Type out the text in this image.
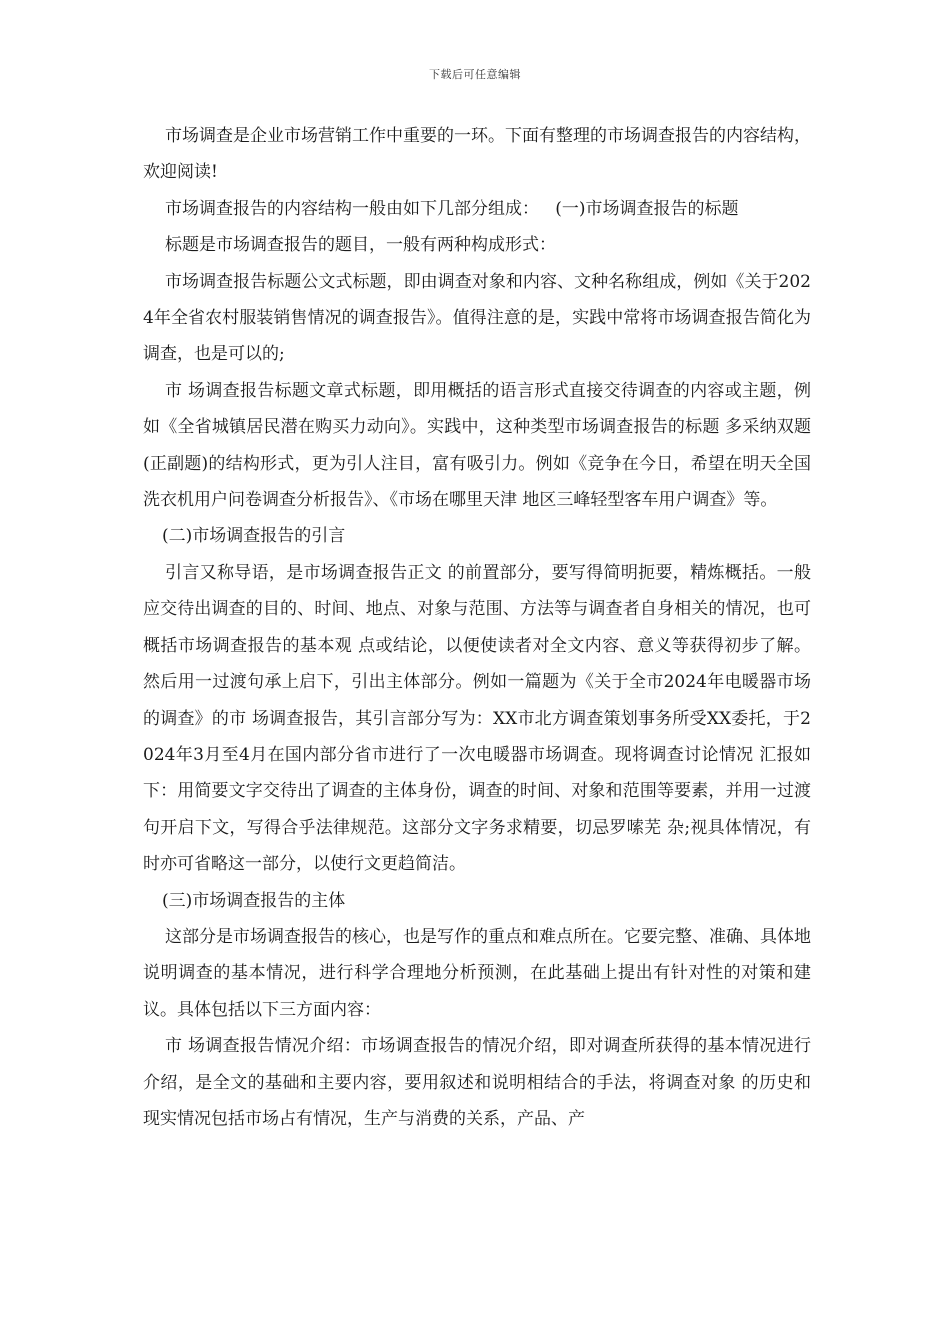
下载后可任意编辑

市场调查是企业市场营销工作中重要的一环。下面有整理的市场调查报告的内容结构，欢迎阅读!

市场调查报告的内容结构一般由如下几部分组成：   (一)市场调查报告的标题

标题是市场调查报告的题目，一般有两种构成形式：

市场调查报告标题公文式标题，即由调查对象和内容、文种名称组成，例如《关于2024年全省农村服装销售情况的调查报告》。值得注意的是，实践中常将市场调查报告简化为调查，也是可以的;

市 场调查报告标题文章式标题，即用概括的语言形式直接交待调查的内容或主题，例如《全省城镇居民潜在购买力动向》。实践中，这种类型市场调查报告的标题 多采纳双题(正副题)的结构形式，更为引人注目，富有吸引力。例如《竞争在今日，希望在明天全国洗衣机用户问卷调查分析报告》、《市场在哪里天津 地区三峰轻型客车用户调查》等。

(二)市场调查报告的引言

引言又称导语，是市场调查报告正文 的前置部分，要写得简明扼要，精炼概括。一般应交待出调查的目的、时间、地点、对象与范围、方法等与调查者自身相关的情况，也可概括市场调查报告的基本观 点或结论，以便使读者对全文内容、意义等获得初步了解。然后用一过渡句承上启下，引出主体部分。例如一篇题为《关于全市2024年电暖器市场的调查》的市 场调查报告，其引言部分写为：XX市北方调查策划事务所受XX委托，于2024年3月至4月在国内部分省市进行了一次电暖器市场调查。现将调查讨论情况 汇报如下：用简要文字交待出了调查的主体身份，调查的时间、对象和范围等要素，并用一过渡句开启下文，写得合乎法律规范。这部分文字务求精要，切忌罗嗦芜 杂;视具体情况，有时亦可省略这一部分，以使行文更趋简洁。

(三)市场调查报告的主体

这部分是市场调查报告的核心，也是写作的重点和难点所在。它要完整、准确、具体地说明调查的基本情况，进行科学合理地分析预测，在此基础上提出有针对性的对策和建议。具体包括以下三方面内容：

市 场调查报告情况介绍：市场调查报告的情况介绍，即对调查所获得的基本情况进行介绍，是全文的基础和主要内容，要用叙述和说明相结合的手法，将调查对象 的历史和现实情况包括市场占有情况，生产与消费的关系，产品、产
